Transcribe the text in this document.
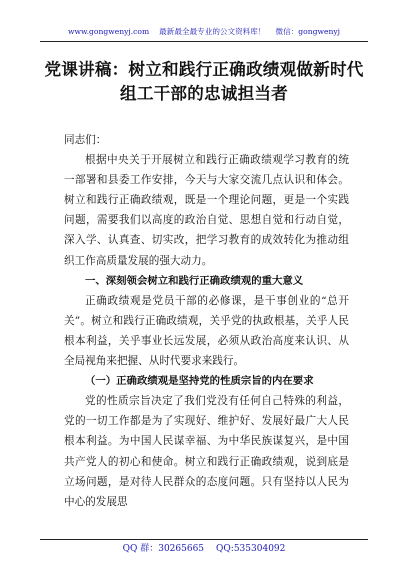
www.gongwenyj.com 最新最全最专业的公文资料库！ 微信：gongwenyj
党课讲稿：树立和践行正确政绩观做新时代组工干部的忠诚担当者

同志们：

根据中央关于开展树立和践行正确政绩观学习教育的统一部署和县委工作安排，今天与大家交流几点认识和体会。树立和践行正确政绩观，既是一个理论问题，更是一个实践问题，需要我们以高度的政治自觉、思想自觉和行动自觉，深入学、认真查、切实改，把学习教育的成效转化为推动组织工作高质量发展的强大动力。

一、深刻领会树立和践行正确政绩观的重大意义

正确政绩观是党员干部的必修课，是干事创业的“总开关”。树立和践行正确政绩观，关乎党的执政根基，关乎人民根本利益，关乎事业长远发展，必须从政治高度来认识、从全局视角来把握、从时代要求来践行。

（一）正确政绩观是坚持党的性质宗旨的内在要求

党的性质宗旨决定了我们党没有任何自己特殊的利益，党的一切工作都是为了实现好、维护好、发展好最广大人民根本利益。为中国人民谋幸福、为中华民族谋复兴，是中国共产党人的初心和使命。树立和践行正确政绩观，说到底是立场问题，是对待人民群众的态度问题。只有坚持以人民为中心的发展思

QQ 群：30265665 QQ:535304092
